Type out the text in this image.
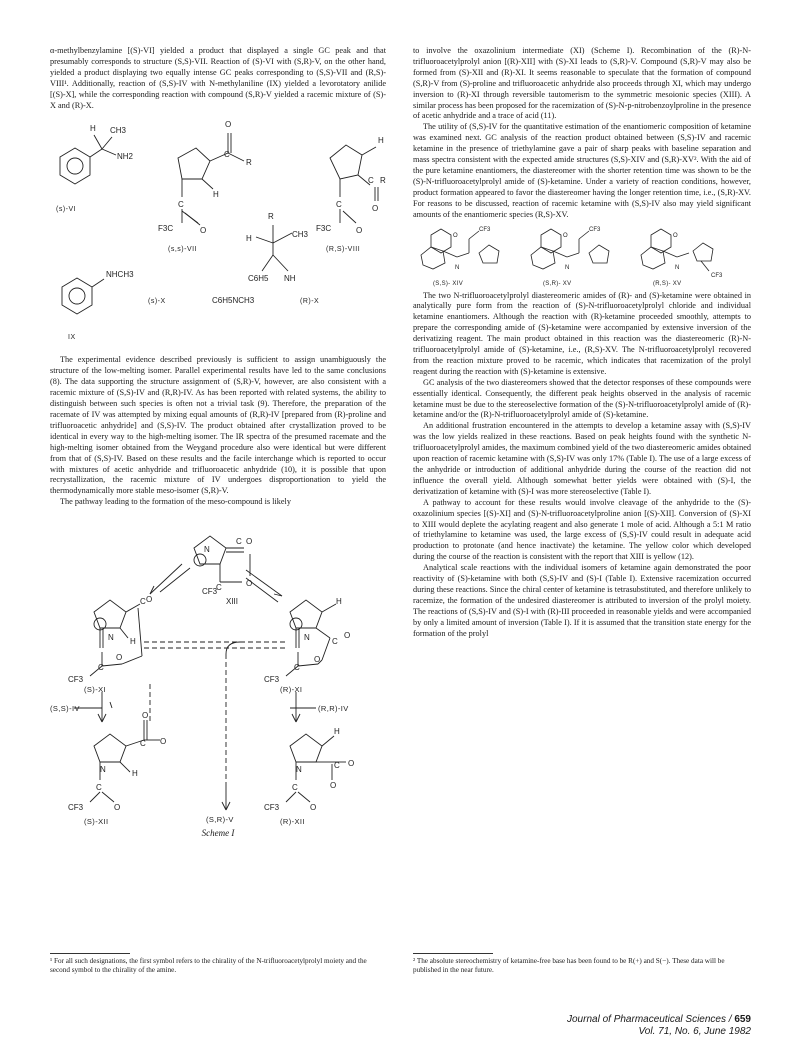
α-methylbenzylamine [(S)-VI] yielded a product that displayed a single GC peak and that presumably corresponds to structure (S,S)-VII. Reaction of (S)-VI with (S,R)-V, on the other hand, yielded a product displaying two equally intense GC peaks corresponding to (S,S)-VII and (R,S)-VIII¹. Additionally, reaction of (S,S)-IV with N-methylaniline (IX) yielded a levorotatory anilide [(S)-X], while the corresponding reaction with compound (S,R)-V yielded a racemic mixture of (S)-X and (R)-X.

H CH3
NH2
O
C
R
C
O
F3C
H
R
H	CH3
C6H5 NH
H
C R
O
C
O
F3C
NHCH3
C6H5NCH3
(s)-VI
(s,s)-VII	(R,S)-VIII
(s)-X	(R)-X
IX

The experimental evidence described previously is sufficient to assign unambiguously the structure of the low-melting isomer. Parallel experimental results have led to the same conclusions (8). The data supporting the structure assignment of (S,R)-V, however, are also consistent with a racemic mixture of (S,S)-IV and (R,R)-IV. As has been reported with related systems, the ability to distinguish between such species is often not a trivial task (9). Therefore, the preparation of the racemate of IV was attempted by mixing equal amounts of (R,R)-IV [prepared from (R)-proline and trifluoroacetic anhydride] and (S,S)-IV. The product obtained after crystallization proved to be identical in every way to the high-melting isomer. The IR spectra of the presumed racemate and the high-melting isomer obtained from the Weygand procedure also were identical but were different from that of (S,S)-IV. Based on these results and the facile interchange which is reported to occur with mixtures of acetic anhydride and trifluoroacetic anhydride (10), it is possible that upon recrystallization, the racemic mixture of IV undergoes disproportionation to yield the thermodynamically more stable meso-isomer (S,R)-V.

The pathway leading to the formation of the meso-compound is likely

N
C O
C	O
CF3
XIII
C O
N H
O
C
CF3
H
C
O
N
O
C
CF3
O
C O
N	H
C
O
CF3
H
C O
O
N
C
O
CF3
(S)-XI	(R)-XI
(S,S)-IV	(R,R)-IV
(S)-XII	(R)-XII
(S,R)-V
Scheme I

to involve the oxazolinium intermediate (XI) (Scheme I). Recombination of the (R)-N-trifluoroacetylprolyl anion [(R)-XII] with (S)-XI leads to (S,R)-V. Compound (S,R)-V may also be formed from (S)-XII and (R)-XI. It seems reasonable to speculate that the formation of compound (S,R)-V from (S)-proline and trifluoroacetic anhydride also proceeds through XI, which may undergo inversion to (R)-XI through reversible tautomerism to the symmetric mesoionic species (XIII). A similar process has been proposed for the racemization of (S)-N-p-nitrobenzoylproline in the presence of acetic anhydride and a trace of acid (11).

The utility of (S,S)-IV for the quantitative estimation of the enantiomeric composition of ketamine was examined next. GC analysis of the reaction product obtained between (S,S)-IV and racemic ketamine in the presence of triethylamine gave a pair of sharp peaks with baseline separation and mass spectra consistent with the expected amide structures (S,S)-XIV and (S,R)-XV². With the aid of the pure ketamine enantiomers, the diastereomer with the shorter retention time was shown to be the (S)-N-trifluoroacetylprolyl amide of (S)-ketamine. Under a variety of reaction conditions, however, product formation appeared to favor the diastereomer having the longer retention time, i.e., (S,R)-XV. For reasons to be discussed, reaction of racemic ketamine with (S,S)-IV also may yield significant amounts of the enantiomeric species (R,S)-XV.

O
CF3
N
O
CF3
N
O
N
CF3
(S,S)- XIV	(S,R)- XV	(R,S)- XV

The two N-trifluoroacetylprolyl diastereomeric amides of (R)- and (S)-ketamine were obtained in analytically pure form from the reaction of (S)-N-trifluoroacetylprolyl chloride and individual ketamine enantiomers. Although the reaction with (R)-ketamine proceeded smoothly, attempts to prepare the corresponding amide of (S)-ketamine were accompanied by extensive inversion of the derivatizing reagent. The main product obtained in this reaction was the diastereomeric (R)-N-trifluoroacetylprolyl amide of (S)-ketamine, i.e., (R,S)-XV. The N-trifluoroacetylprolyl recovered from the reaction mixture proved to be racemic, which indicates that racemization of the prolyl reagent during the reaction with (S)-ketamine is extensive.

GC analysis of the two diastereomers showed that the detector responses of these compounds were essentially identical. Consequently, the different peak heights observed in the analysis of racemic ketamine must be due to the stereoselective formation of the (S)-N-trifluoroacetylprolyl amide of (R)-ketamine and/or the (R)-N-trifluoroacetylprolyl amide of (S)-ketamine.

An additional frustration encountered in the attempts to develop a ketamine assay with (S,S)-IV was the low yields realized in these reactions. Based on peak heights found with the synthetic N-trifluoroacetylprolyl amides, the maximum combined yield of the two diastereomeric amides obtained upon reaction of racemic ketamine with (S,S)-IV was only 17% (Table I). The use of a large excess of the anhydride or introduction of additional anhydride during the course of the reaction did not influence the overall yield. Although somewhat better yields were obtained with (S)-I, the derivatization of ketamine with (S)-I was more stereoselective (Table I).

A pathway to account for these results would involve cleavage of the anhydride to the (S)-oxazolinium species [(S)-XI] and (S)-N-trifluoroacetylproline anion [(S)-XII]. Conversion of (S)-XI to XIII would deplete the acylating reagent and also generate 1 mole of acid. Although a 5:1 M ratio of triethylamine to ketamine was used, the large excess of (S,S)-IV could result in adequate acid production to protonate (and hence inactivate) the ketamine. The yellow color which developed during the course of the reaction is consistent with the report that XIII is yellow (12).

Analytical scale reactions with the individual isomers of ketamine again demonstrated the poor reactivity of (S)-ketamine with both (S,S)-IV and (S)-I (Table I). Extensive racemization occurred during these reactions. Since the chiral center of ketamine is tetrasubstituted, and therefore unlikely to racemize, the formation of the undesired diastereomer is attributed to inversion of the prolyl moiety. The reactions of (S,S)-IV and (S)-I with (R)-III proceeded in reasonable yields and were accompanied by only a limited amount of inversion (Table I). If it is assumed that the transition state energy for the formation of the prolyl

¹ For all such designations, the first symbol refers to the chirality of the N-trifluoroacetylprolyl moiety and the second symbol to the chirality of the amine.
² The absolute stereochemistry of ketamine-free base has been found to be R(+) and S(−). These data will be published in the near future.
Journal of Pharmaceutical Sciences / 659
Vol. 71, No. 6, June 1982
